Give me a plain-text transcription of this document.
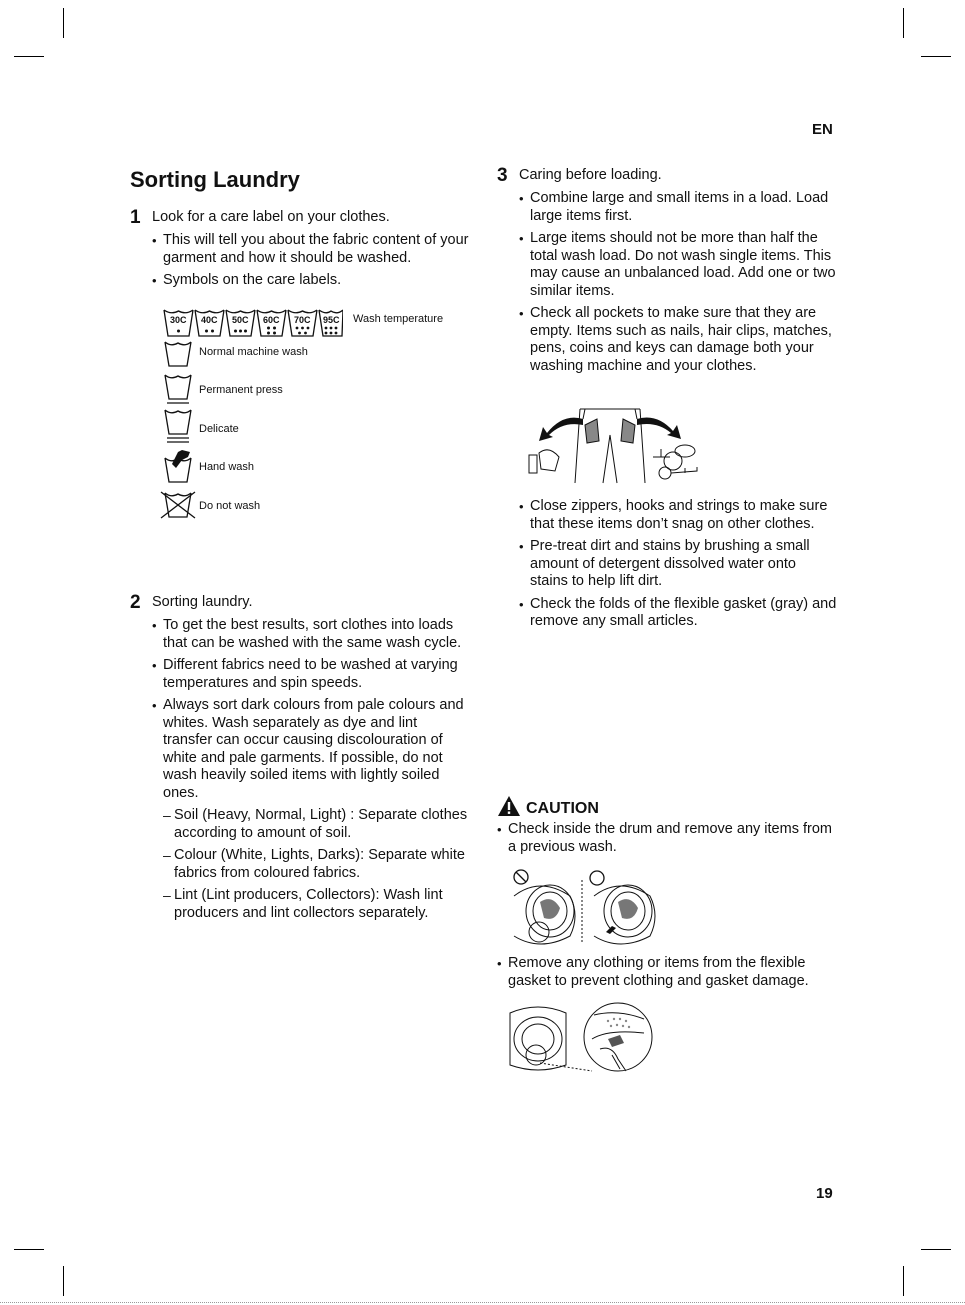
EN
Sorting Laundry
1 Look for a care label on your clothes.
• This will tell you about the fabric content of your garment and how it should be washed.
• Symbols on the care labels.
30C 40C 50C 60C 70C 95C Wash temperature
Normal machine wash
Permanent press
Delicate
Hand wash
Do not wash
2 Sorting laundry.
• To get the best results, sort clothes into loads that can be washed with the same wash cycle.
• Different fabrics need to be washed at varying temperatures and spin speeds.
• Always sort dark colours from pale colours and whites. Wash separately as dye and lint transfer can occur causing discolouration of white and pale garments. If possible, do not wash heavily soiled items with lightly soiled ones.
– Soil (Heavy, Normal, Light) : Separate clothes according to amount of soil.
– Colour (White, Lights, Darks): Separate white fabrics from coloured fabrics.
– Lint (Lint producers, Collectors): Wash lint producers and lint collectors separately.
3 Caring before loading.
• Combine large and small items in a load. Load large items first.
• Large items should not be more than half the total wash load. Do not wash single items. This may cause an unbalanced load. Add one or two similar items.
• Check all pockets to make sure that they are empty. Items such as nails, hair clips, matches, pens, coins and keys can damage both your washing machine and your clothes.
• Close zippers, hooks and strings to make sure that these items don’t snag on other clothes.
• Pre-treat dirt and stains by brushing a small amount of detergent dissolved water onto stains to help lift dirt.
• Check the folds of the flexible gasket (gray) and remove any small articles.
CAUTION
• Check inside the drum and remove any items from a previous wash.
• Remove any clothing or items from the flexible gasket to prevent clothing and gasket damage.
19
